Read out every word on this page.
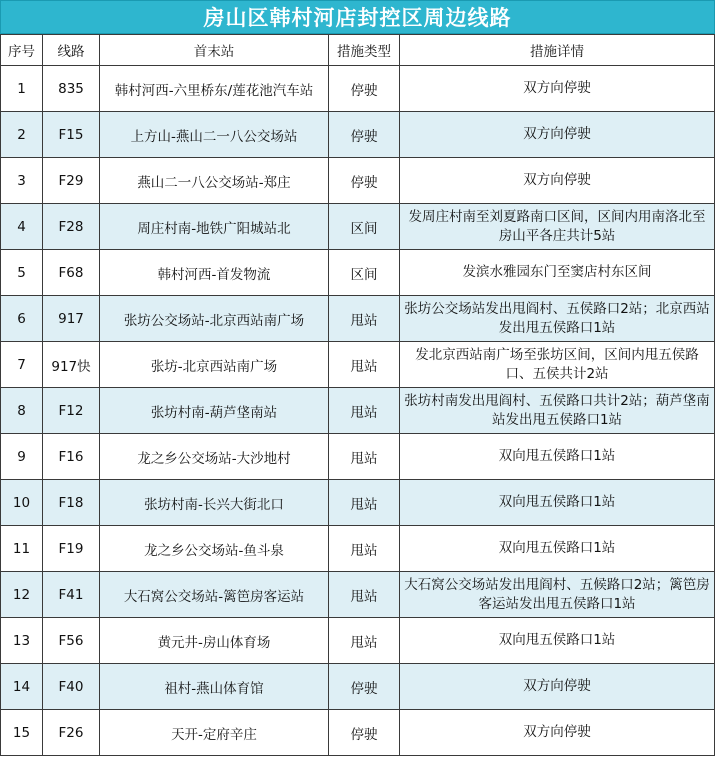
房山区韩村河店封控区周边线路
序号	线路	首末站	措施类型	措施详情
1	835	韩村河西-六里桥东/莲花池汽车站	停驶	双方向停驶
2	F15	上方山-燕山二一八公交场站	停驶	双方向停驶
3	F29	燕山二一八公交场站-郑庄	停驶	双方向停驶
4	F28	周庄村南-地铁广阳城站北	区间	发周庄村南至刘夏路南口区间，区间内用南洛北至房山平各庄共计5站
5	F68	韩村河西-首发物流	区间	发滨水雅园东门至窦店村东区间
6	917	张坊公交场站-北京西站南广场	甩站	张坊公交场站发出甩阎村、五侯路口2站；北京西站发出甩五侯路口1站
7	917快	张坊-北京西站南广场	甩站	发北京西站南广场至张坊区间，区间内甩五侯路口、五侯共计2站
8	F12	张坊村南-葫芦垡南站	甩站	张坊村南发出甩阎村、五侯路口共计2站；葫芦垡南站发出甩五侯路口1站
9	F16	龙之乡公交场站-大沙地村	甩站	双向甩五侯路口1站
10	F18	张坊村南-长兴大街北口	甩站	双向甩五侯路口1站
11	F19	龙之乡公交场站-鱼斗泉	甩站	双向甩五侯路口1站
12	F41	大石窝公交场站-篱笆房客运站	甩站	大石窝公交场站发出甩阎村、五候路口2站；篱笆房客运站发出甩五侯路口1站
13	F56	黄元井-房山体育场	甩站	双向甩五侯路口1站
14	F40	祖村-燕山体育馆	停驶	双方向停驶
15	F26	天开-定府辛庄	停驶	双方向停驶
